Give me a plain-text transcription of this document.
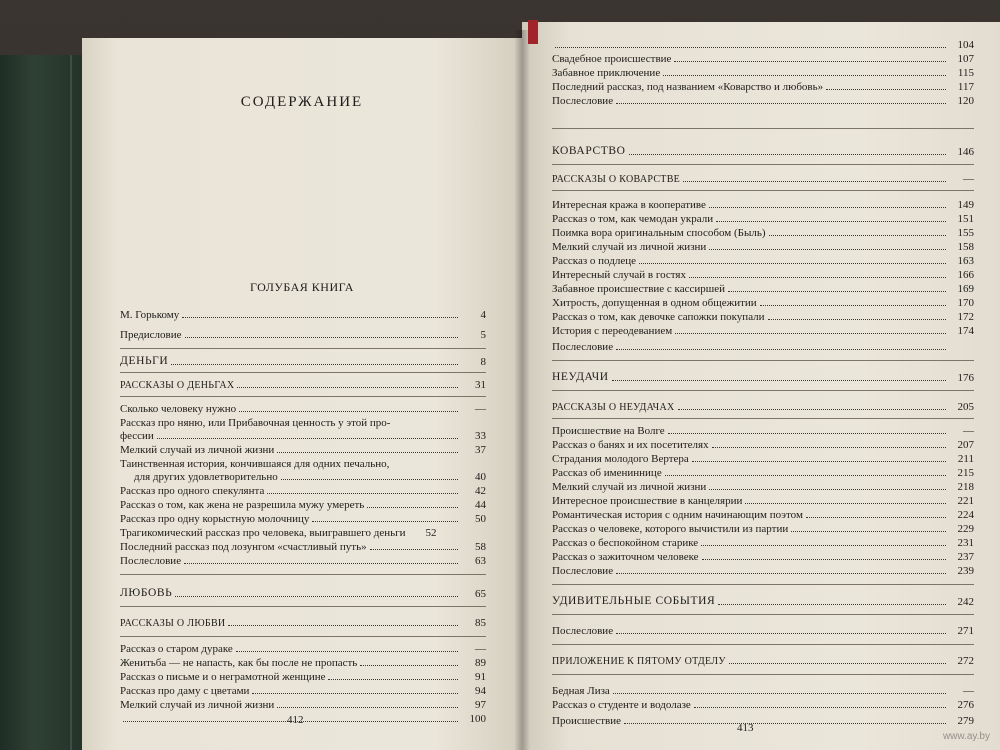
СОДЕРЖАНИЕ
ГОЛУБАЯ КНИГА
М. Горькому	4
Предисловие	5
ДЕНЬГИ	8
РАССКАЗЫ О ДЕНЬГАХ	31
Сколько человеку нужно	—
Рассказ про няню, или Прибавочная ценность у этой про-
фессии	33
Мелкий случай из личной жизни	37
Таинственная история, кончившаяся для одних печально,
для других удовлетворительно	40
Рассказ про одного спекулянта	42
Рассказ о том, как жена не разрешила мужу умереть	44
Рассказ про одну корыстную молочницу	50
Трагикомический рассказ про человека, выигравшего деньги	52
Последний рассказ под лозунгом «счастливый путь»	58
Послесловие	63
ЛЮБОВЬ	65
РАССКАЗЫ О ЛЮБВИ	85
Рассказ о старом дураке	—
Женитьба — не напасть, как бы после не пропасть	89
Рассказ о письме и о неграмотной женщине	91
Рассказ про даму с цветами	94
Мелкий случай из личной жизни	97
100
412
104
Свадебное происшествие	107
Забавное приключение	115
Последний рассказ, под названием «Коварство и любовь»	117
Послесловие	120
КОВАРСТВО	146
РАССКАЗЫ О КОВАРСТВЕ	—
Интересная кража в кооперативе	149
Рассказ о том, как чемодан украли	151
Поимка вора оригинальным способом (Быль)	155
Мелкий случай из личной жизни	158
Рассказ о подлеце	163
Интересный случай в гостях	166
Забавное происшествие с кассиршей	169
Хитрость, допущенная в одном общежитии	170
Рассказ о том, как девочке сапожки покупали	172
История с переодеванием	174
Послесловие
НЕУДАЧИ	176
РАССКАЗЫ О НЕУДАЧАХ	205
Происшествие на Волге	—
Рассказ о банях и их посетителях	207
Страдания молодого Вертера	211
Рассказ об имениннице	215
Мелкий случай из личной жизни	218
Интересное происшествие в канцелярии	221
Романтическая история с одним начинающим поэтом	224
Рассказ о человеке, которого вычистили из партии	229
Рассказ о беспокойном старике	231
Рассказ о зажиточном человеке	237
Послесловие	239
УДИВИТЕЛЬНЫЕ СОБЫТИЯ	242
Послесловие	271
ПРИЛОЖЕНИЕ К ПЯТОМУ ОТДЕЛУ	272
Бедная Лиза	—
Рассказ о студенте и водолазе	276
Происшествие	279
413
www.ay.by
